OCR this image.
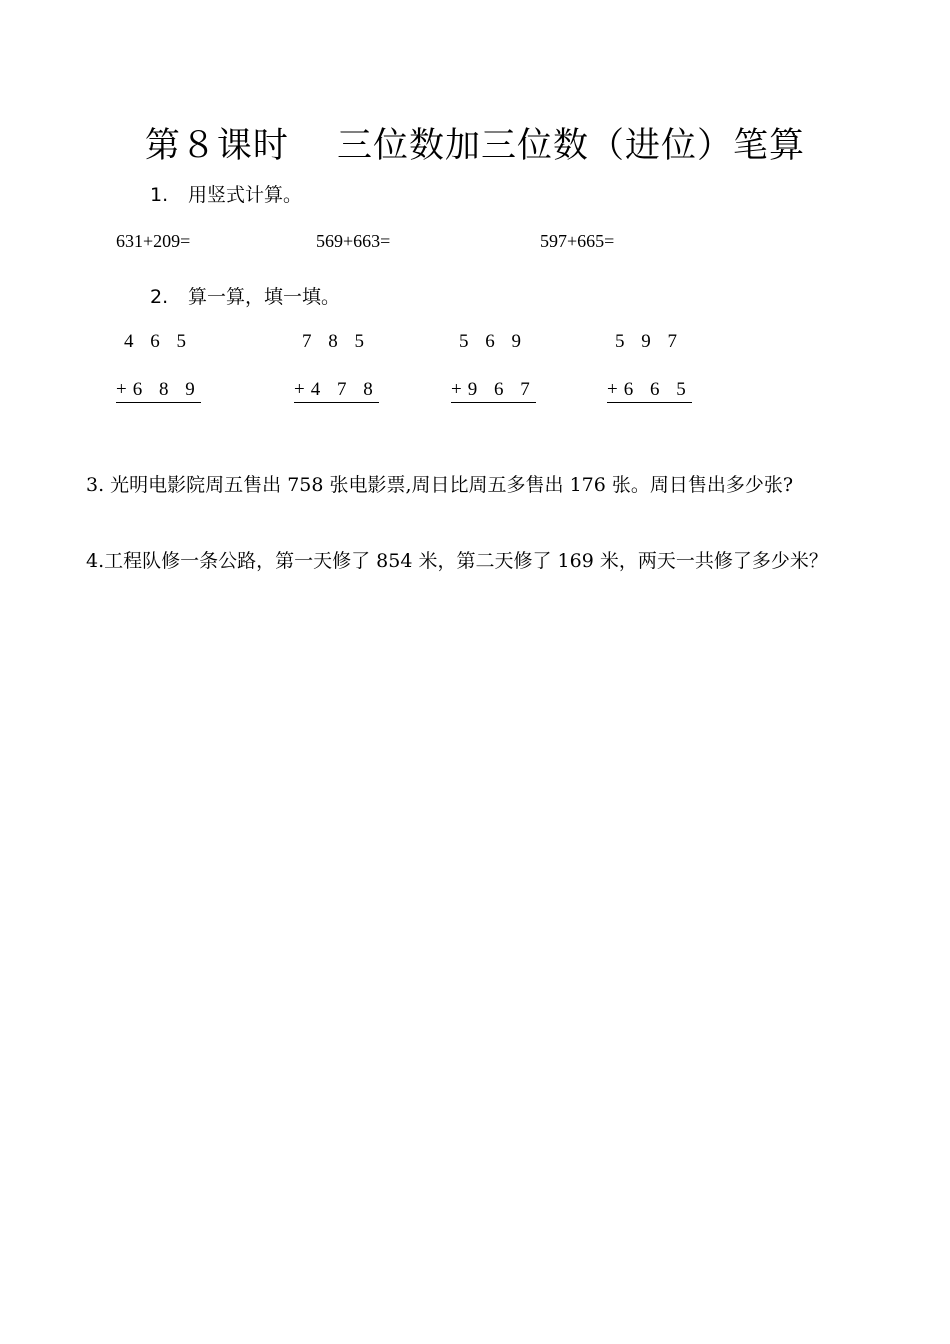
第８课时　 三位数加三位数（进位）笔算
1. 用竖式计算。
631+209=	569+663=	597+665=
2. 算一算，填一填。
4 6 5
+6 8 9
7 8 5
+4 7 8
5 6 9
+9 6 7
5 9 7
+6 6 5
3. 光明电影院周五售出 758 张电影票,周日比周五多售出 176 张。周日售出多少张?
4.工程队修一条公路，第一天修了 854 米，第二天修了 169 米，两天一共修了多少米？
